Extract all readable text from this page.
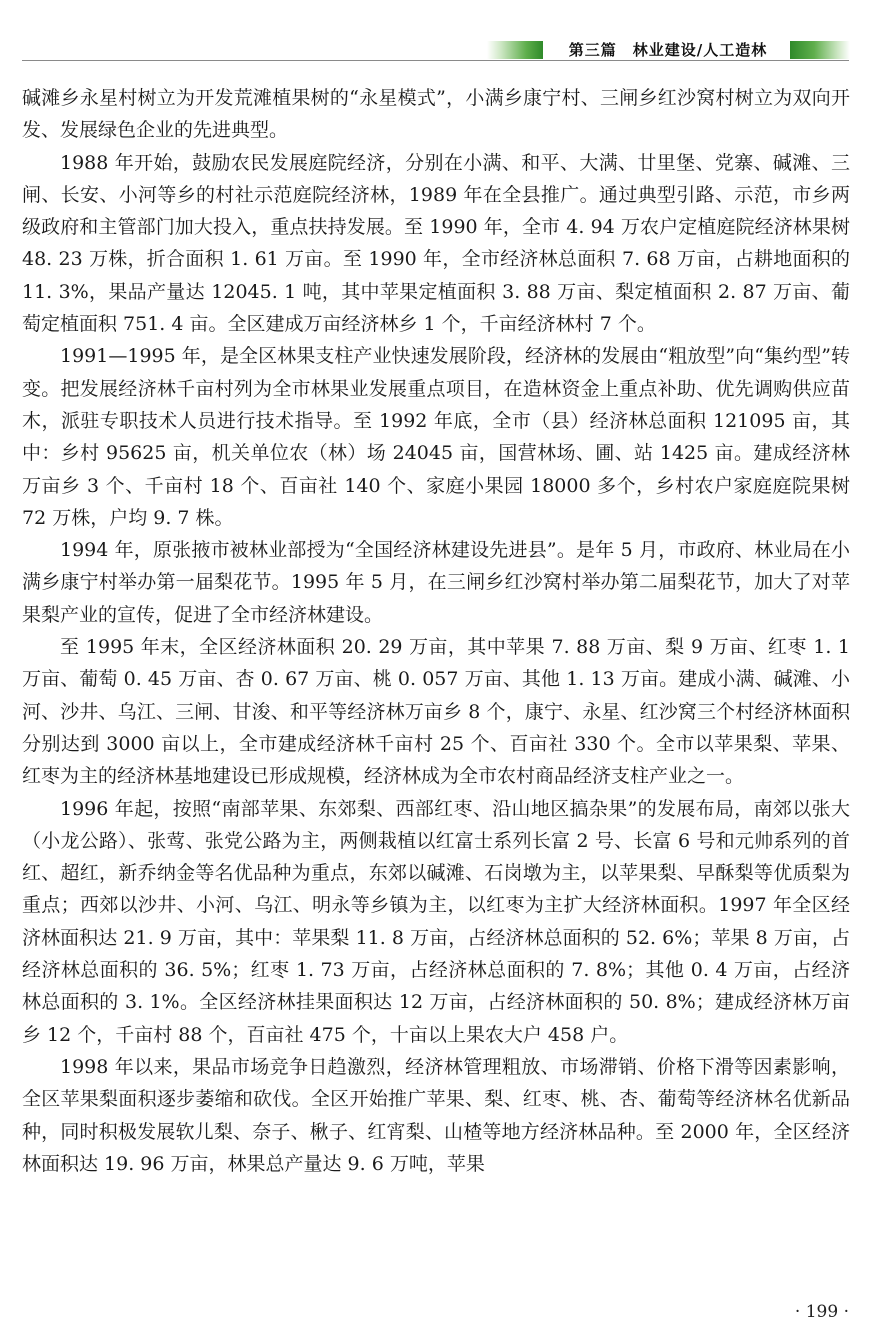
第三篇　林业建设/人工造林

碱滩乡永星村树立为开发荒滩植果树的“永星模式”，小满乡康宁村、三闸乡红沙窝村树立为双向开发、发展绿色企业的先进典型。

1988 年开始，鼓励农民发展庭院经济，分别在小满、和平、大满、廿里堡、党寨、碱滩、三闸、长安、小河等乡的村社示范庭院经济林，1989 年在全县推广。通过典型引路、示范，市乡两级政府和主管部门加大投入，重点扶持发展。至 1990 年，全市 4. 94 万农户定植庭院经济林果树 48. 23 万株，折合面积 1. 61 万亩。至 1990 年，全市经济林总面积 7. 68 万亩，占耕地面积的 11. 3%，果品产量达 12045. 1 吨，其中苹果定植面积 3. 88 万亩、梨定植面积 2. 87 万亩、葡萄定植面积 751. 4 亩。全区建成万亩经济林乡 1 个，千亩经济林村 7 个。

1991—1995 年，是全区林果支柱产业快速发展阶段，经济林的发展由“粗放型”向“集约型”转变。把发展经济林千亩村列为全市林果业发展重点项目，在造林资金上重点补助、优先调购供应苗木，派驻专职技术人员进行技术指导。至 1992 年底，全市（县）经济林总面积 121095 亩，其中：乡村 95625 亩，机关单位农（林）场 24045 亩，国营林场、圃、站 1425 亩。建成经济林万亩乡 3 个、千亩村 18 个、百亩社 140 个、家庭小果园 18000 多个，乡村农户家庭庭院果树 72 万株，户均 9. 7 株。

1994 年，原张掖市被林业部授为“全国经济林建设先进县”。是年 5 月，市政府、林业局在小满乡康宁村举办第一届梨花节。1995 年 5 月，在三闸乡红沙窝村举办第二届梨花节，加大了对苹果梨产业的宣传，促进了全市经济林建设。

至 1995 年末，全区经济林面积 20. 29 万亩，其中苹果 7. 88 万亩、梨 9 万亩、红枣 1. 1 万亩、葡萄 0. 45 万亩、杏 0. 67 万亩、桃 0. 057 万亩、其他 1. 13 万亩。建成小满、碱滩、小河、沙井、乌江、三闸、甘浚、和平等经济林万亩乡 8 个，康宁、永星、红沙窝三个村经济林面积分别达到 3000 亩以上，全市建成经济林千亩村 25 个、百亩社 330 个。全市以苹果梨、苹果、红枣为主的经济林基地建设已形成规模，经济林成为全市农村商品经济支柱产业之一。

1996 年起，按照“南部苹果、东郊梨、西部红枣、沿山地区搞杂果”的发展布局，南郊以张大（小龙公路）、张莺、张党公路为主，两侧栽植以红富士系列长富 2 号、长富 6 号和元帅系列的首红、超红，新乔纳金等名优品种为重点，东郊以碱滩、石岗墩为主，以苹果梨、早酥梨等优质梨为重点；西郊以沙井、小河、乌江、明永等乡镇为主，以红枣为主扩大经济林面积。1997 年全区经济林面积达 21. 9 万亩，其中：苹果梨 11. 8 万亩，占经济林总面积的 52. 6%；苹果 8 万亩，占经济林总面积的 36. 5%；红枣 1. 73 万亩，占经济林总面积的 7. 8%；其他 0. 4 万亩，占经济林总面积的 3. 1%。全区经济林挂果面积达 12 万亩，占经济林面积的 50. 8%；建成经济林万亩乡 12 个，千亩村 88 个，百亩社 475 个，十亩以上果农大户 458 户。

1998 年以来，果品市场竞争日趋激烈，经济林管理粗放、市场滞销、价格下滑等因素影响，全区苹果梨面积逐步萎缩和砍伐。全区开始推广苹果、梨、红枣、桃、杏、葡萄等经济林名优新品种，同时积极发展软儿梨、奈子、楸子、红宵梨、山楂等地方经济林品种。至 2000 年，全区经济林面积达 19. 96 万亩，林果总产量达 9. 6 万吨，苹果

· 199 ·
